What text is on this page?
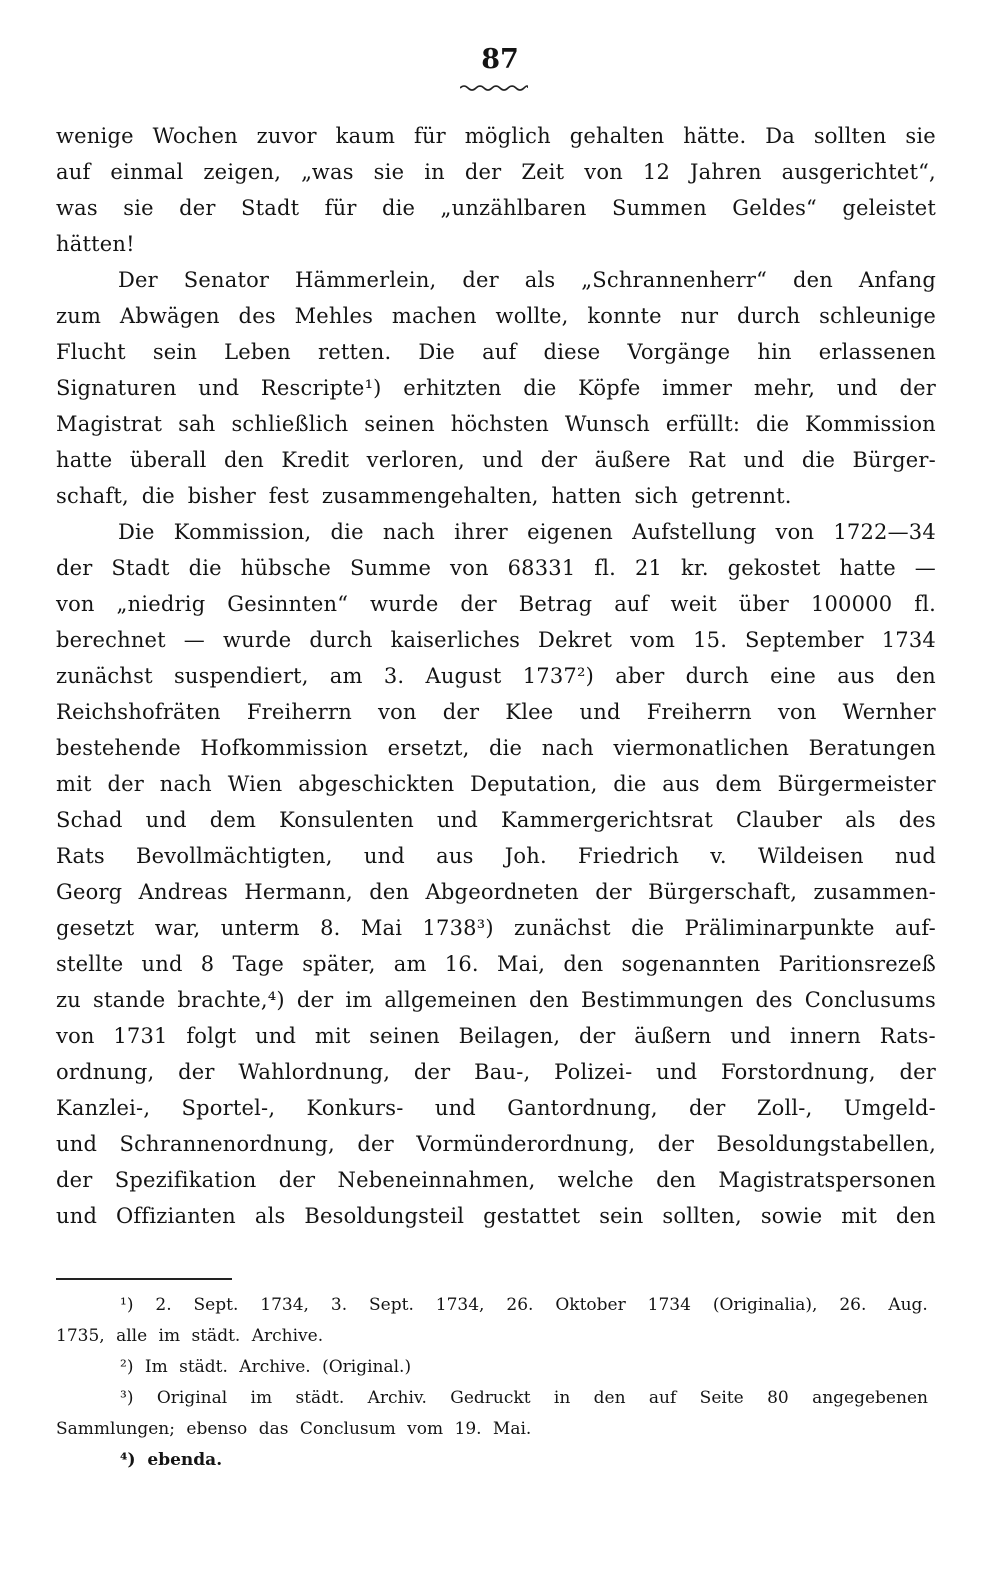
87
wenige Wochen zuvor kaum für möglich gehalten hätte. Da sollten sie
auf einmal zeigen, „was sie in der Zeit von 12 Jahren ausgerichtet“,
was sie der Stadt für die „unzählbaren Summen Geldes“ geleistet
hätten!
Der Senator Hämmerlein, der als „Schrannenherr“ den Anfang
zum Abwägen des Mehles machen wollte, konnte nur durch schleunige
Flucht sein Leben retten. Die auf diese Vorgänge hin erlassenen
Signaturen und Rescripte¹) erhitzten die Köpfe immer mehr, und der
Magistrat sah schließlich seinen höchsten Wunsch erfüllt: die Kommission
hatte überall den Kredit verloren, und der äußere Rat und die Bürger-
schaft, die bisher fest zusammengehalten, hatten sich getrennt.
Die Kommission, die nach ihrer eigenen Aufstellung von 1722—34
der Stadt die hübsche Summe von 68331 fl. 21 kr. gekostet hatte —
von „niedrig Gesinnten“ wurde der Betrag auf weit über 100000 fl.
berechnet — wurde durch kaiserliches Dekret vom 15. September 1734
zunächst suspendiert, am 3. August 1737²) aber durch eine aus den
Reichshofräten Freiherrn von der Klee und Freiherrn von Wernher
bestehende Hofkommission ersetzt, die nach viermonatlichen Beratungen
mit der nach Wien abgeschickten Deputation, die aus dem Bürgermeister
Schad und dem Konsulenten und Kammergerichtsrat Clauber als des
Rats Bevollmächtigten, und aus Joh. Friedrich v. Wildeisen nud
Georg Andreas Hermann, den Abgeordneten der Bürgerschaft, zusammen-
gesetzt war, unterm 8. Mai 1738³) zunächst die Präliminarpunkte auf-
stellte und 8 Tage später, am 16. Mai, den sogenannten Paritionsrezeß
zu stande brachte,⁴) der im allgemeinen den Bestimmungen des Conclusums
von 1731 folgt und mit seinen Beilagen, der äußern und innern Rats-
ordnung, der Wahlordnung, der Bau-, Polizei- und Forstordnung, der
Kanzlei-, Sportel-, Konkurs- und Gantordnung, der Zoll-, Umgeld-
und Schrannenordnung, der Vormünderordnung, der Besoldungstabellen,
der Spezifikation der Nebeneinnahmen, welche den Magistratspersonen
und Offizianten als Besoldungsteil gestattet sein sollten, sowie mit den
¹) 2. Sept. 1734, 3. Sept. 1734, 26. Oktober 1734 (Originalia), 26. Aug.
1735, alle im städt. Archive.
²) Im städt. Archive. (Original.)
³) Original im städt. Archiv. Gedruckt in den auf Seite 80 angegebenen
Sammlungen; ebenso das Conclusum vom 19. Mai.
⁴) ebenda.
